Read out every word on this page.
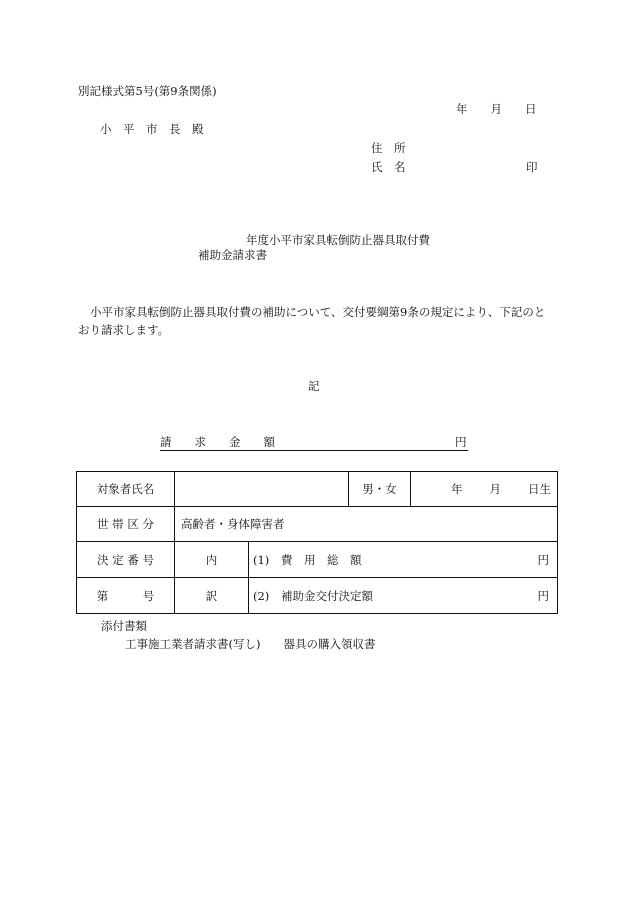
別記様式第5号(第9条関係)
年　　月　　日
小　平　市　長　殿
住　所
氏　名	印
年度小平市家具転倒防止器具取付費
補助金請求書
小平市家具転倒防止器具取付費の補助について、交付要綱第9条の規定により、下記のと
おり請求します。
記
請　　求　　金　　額	円
対象者氏名			男・女	年 月 日生

世 帯 区 分	高齢者・身体障害者			
決 定 番 号	内	(1) 費　用　総　額 円		

第　　　号	訳	(2) 補助金交付決定額 円		
添付書類
工事施工業者請求書(写し)　　器具の購入領収書
